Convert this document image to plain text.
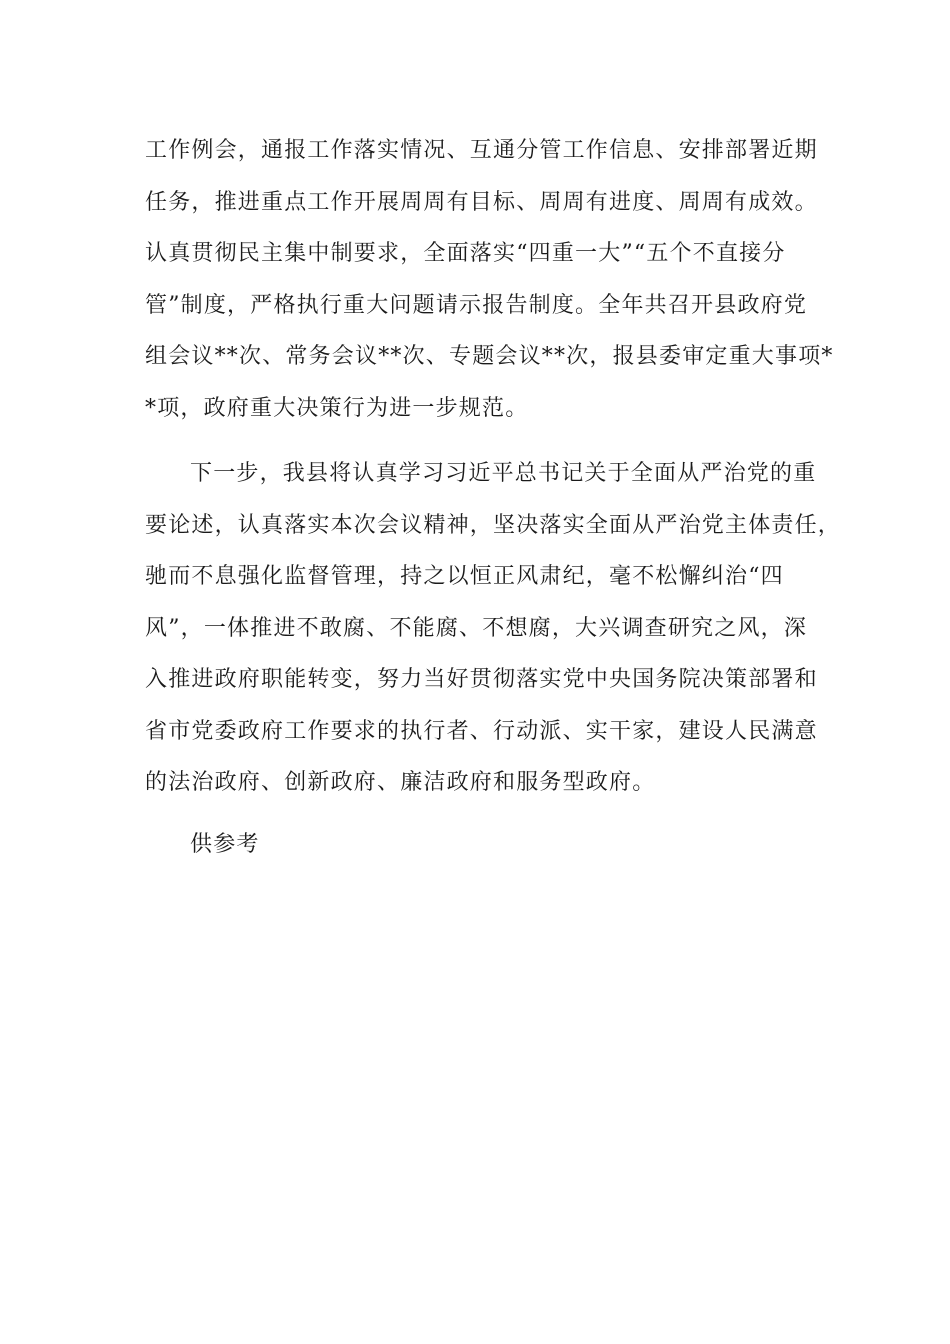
工作例会，通报工作落实情况、互通分管工作信息、安排部署近期
任务，推进重点工作开展周周有目标、周周有进度、周周有成效。
认真贯彻民主集中制要求，全面落实“四重一大”“五个不直接分
管”制度，严格执行重大问题请示报告制度。全年共召开县政府党
组会议**次、常务会议**次、专题会议**次，报县委审定重大事项*
*项，政府重大决策行为进一步规范。
下一步，我县将认真学习习近平总书记关于全面从严治党的重
要论述，认真落实本次会议精神，坚决落实全面从严治党主体责任，
驰而不息强化监督管理，持之以恒正风肃纪，毫不松懈纠治“四
风”，一体推进不敢腐、不能腐、不想腐，大兴调查研究之风，深
入推进政府职能转变，努力当好贯彻落实党中央国务院决策部署和
省市党委政府工作要求的执行者、行动派、实干家，建设人民满意
的法治政府、创新政府、廉洁政府和服务型政府。
供参考
